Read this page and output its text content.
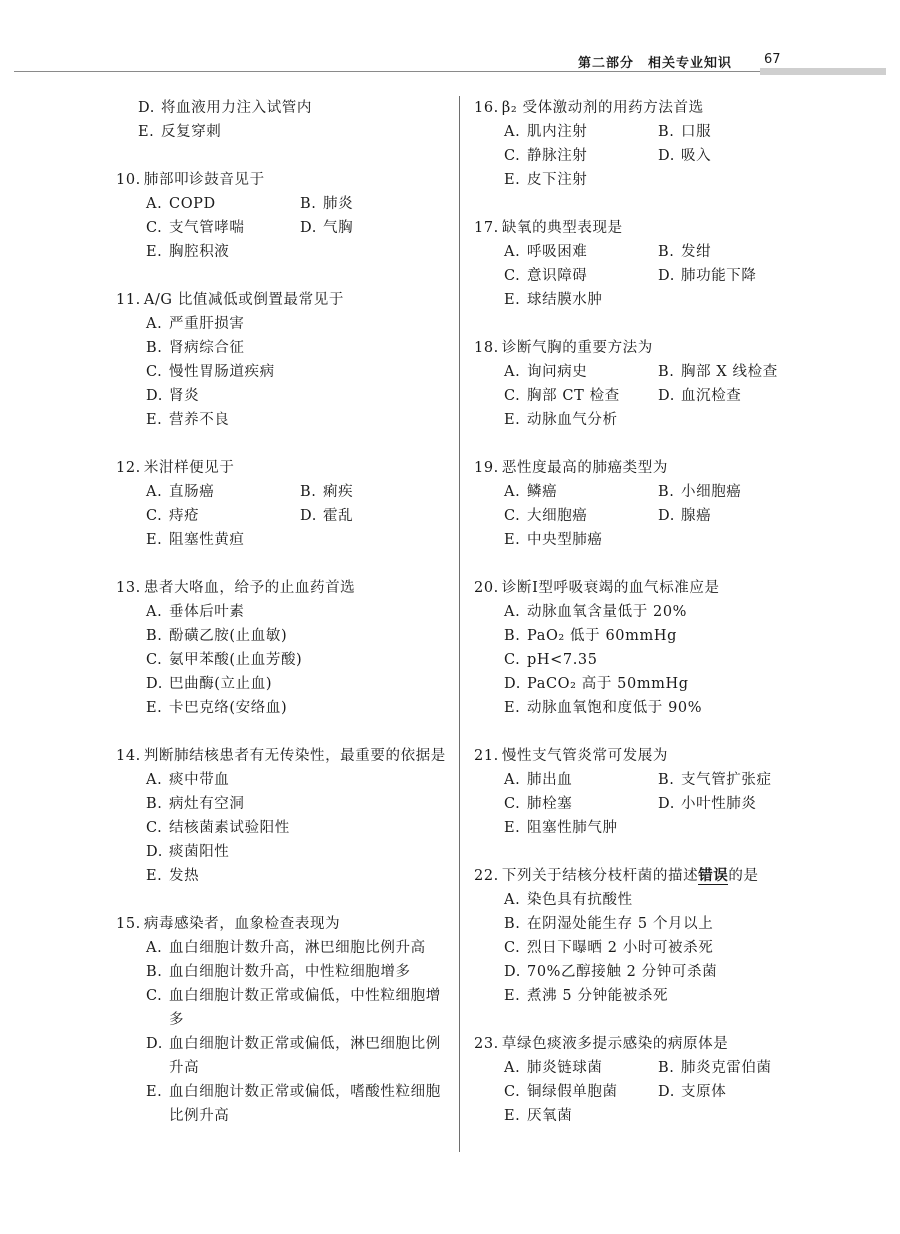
第二部分　相关专业知识 67
D. 将血液用力注入试管内
E. 反复穿刺
10. 肺部叩诊鼓音见于
A. COPD	B. 肺炎
C. 支气管哮喘	D. 气胸
E. 胸腔积液
11. A/G 比值减低或倒置最常见于
A. 严重肝损害
B. 肾病综合征
C. 慢性胃肠道疾病
D. 肾炎
E. 营养不良
12. 米泔样便见于
A. 直肠癌	B. 痢疾
C. 痔疮	D. 霍乱
E. 阻塞性黄疸
13. 患者大咯血，给予的止血药首选
A. 垂体后叶素
B. 酚磺乙胺(止血敏)
C. 氨甲苯酸(止血芳酸)
D. 巴曲酶(立止血)
E. 卡巴克络(安络血)
14. 判断肺结核患者有无传染性，最重要的依据是
A. 痰中带血
B. 病灶有空洞
C. 结核菌素试验阳性
D. 痰菌阳性
E. 发热
15. 病毒感染者，血象检查表现为
A. 血白细胞计数升高，淋巴细胞比例升高
B. 血白细胞计数升高，中性粒细胞增多
C. 血白细胞计数正常或偏低，中性粒细胞增多
D. 血白细胞计数正常或偏低，淋巴细胞比例升高
E. 血白细胞计数正常或偏低，嗜酸性粒细胞比例升高
16. β₂ 受体激动剂的用药方法首选
A. 肌内注射	B. 口服
C. 静脉注射	D. 吸入
E. 皮下注射
17. 缺氧的典型表现是
A. 呼吸困难	B. 发绀
C. 意识障碍	D. 肺功能下降
E. 球结膜水肿
18. 诊断气胸的重要方法为
A. 询问病史	B. 胸部 X 线检查
C. 胸部 CT 检查	D. 血沉检查
E. 动脉血气分析
19. 恶性度最高的肺癌类型为
A. 鳞癌	B. 小细胞癌
C. 大细胞癌	D. 腺癌
E. 中央型肺癌
20. 诊断Ⅰ型呼吸衰竭的血气标准应是
A. 动脉血氧含量低于 20%
B. PaO₂ 低于 60mmHg
C. pH<7.35
D. PaCO₂ 高于 50mmHg
E. 动脉血氧饱和度低于 90%
21. 慢性支气管炎常可发展为
A. 肺出血	B. 支气管扩张症
C. 肺栓塞	D. 小叶性肺炎
E. 阻塞性肺气肿
22. 下列关于结核分枝杆菌的描述错误的是
A. 染色具有抗酸性
B. 在阴湿处能生存 5 个月以上
C. 烈日下曝晒 2 小时可被杀死
D. 70%乙醇接触 2 分钟可杀菌
E. 煮沸 5 分钟能被杀死
23. 草绿色痰液多提示感染的病原体是
A. 肺炎链球菌	B. 肺炎克雷伯菌
C. 铜绿假单胞菌	D. 支原体
E. 厌氧菌
